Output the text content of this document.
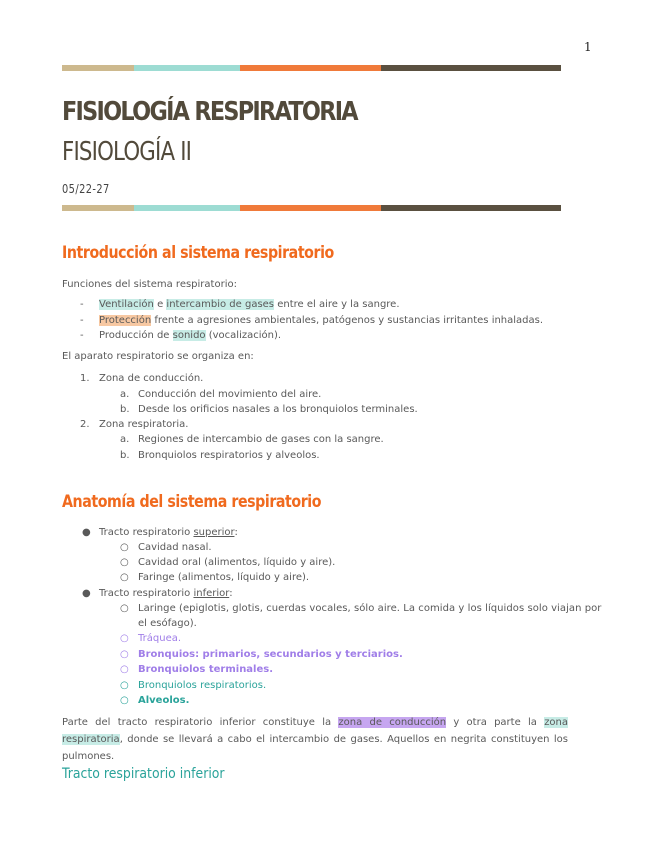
1
FISIOLOGÍA RESPIRATORIA
FISIOLOGÍA II
05/22-27
Introducción al sistema respiratorio
Funciones del sistema respiratorio:
- Ventilación e intercambio de gases entre el aire y la sangre.
- Protección frente a agresiones ambientales, patógenos y sustancias irritantes inhaladas.
- Producción de sonido (vocalización).
El aparato respiratorio se organiza en:
1. Zona de conducción.
a. Conducción del movimiento del aire.
b. Desde los orificios nasales a los bronquiolos terminales.
2. Zona respiratoria.
a. Regiones de intercambio de gases con la sangre.
b. Bronquiolos respiratorios y alveolos.
Anatomía del sistema respiratorio
● Tracto respiratorio superior:
○ Cavidad nasal.
○ Cavidad oral (alimentos, líquido y aire).
○ Faringe (alimentos, líquido y aire).
● Tracto respiratorio inferior:
○ Laringe (epiglotis, glotis, cuerdas vocales, sólo aire. La comida y los líquidos solo viajan por
el esófago).
○ Tráquea.
○ Bronquios: primarios, secundarios y terciarios.
○ Bronquiolos terminales.
○ Bronquiolos respiratorios.
○ Alveolos.
Parte del tracto respiratorio inferior constituye la zona de conducción y otra parte la zona respiratoria, donde se llevará a cabo el intercambio de gases. Aquellos en negrita constituyen los pulmones.
Tracto respiratorio inferior
